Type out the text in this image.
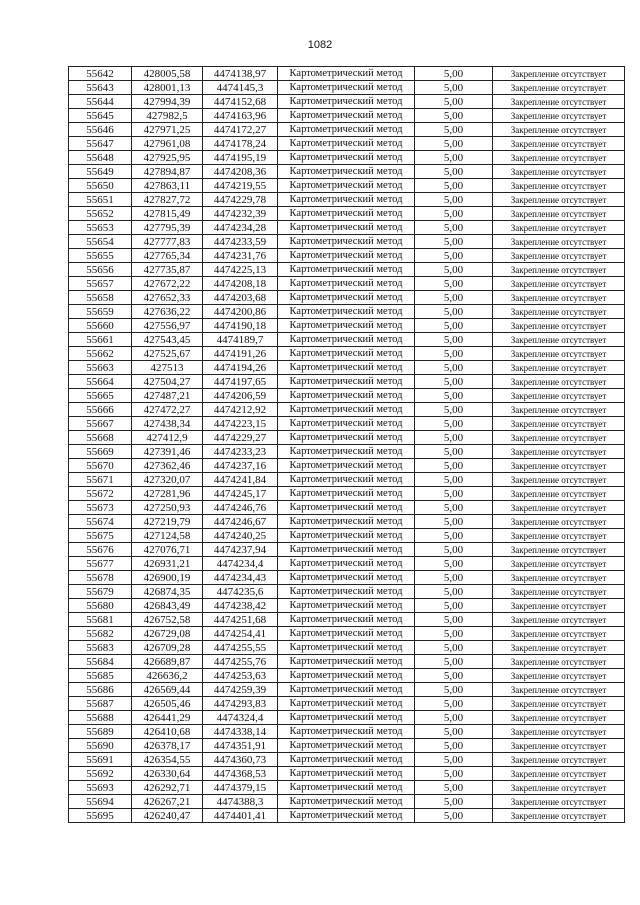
1082
55642	428005,58	4474138,97	Картометрический метод	5,00	Закрепление отсутствует
55643	428001,13	4474145,3	Картометрический метод	5,00	Закрепление отсутствует
55644	427994,39	4474152,68	Картометрический метод	5,00	Закрепление отсутствует
55645	427982,5	4474163,96	Картометрический метод	5,00	Закрепление отсутствует
55646	427971,25	4474172,27	Картометрический метод	5,00	Закрепление отсутствует
55647	427961,08	4474178,24	Картометрический метод	5,00	Закрепление отсутствует
55648	427925,95	4474195,19	Картометрический метод	5,00	Закрепление отсутствует
55649	427894,87	4474208,36	Картометрический метод	5,00	Закрепление отсутствует
55650	427863,11	4474219,55	Картометрический метод	5,00	Закрепление отсутствует
55651	427827,72	4474229,78	Картометрический метод	5,00	Закрепление отсутствует
55652	427815,49	4474232,39	Картометрический метод	5,00	Закрепление отсутствует
55653	427795,39	4474234,28	Картометрический метод	5,00	Закрепление отсутствует
55654	427777,83	4474233,59	Картометрический метод	5,00	Закрепление отсутствует
55655	427765,34	4474231,76	Картометрический метод	5,00	Закрепление отсутствует
55656	427735,87	4474225,13	Картометрический метод	5,00	Закрепление отсутствует
55657	427672,22	4474208,18	Картометрический метод	5,00	Закрепление отсутствует
55658	427652,33	4474203,68	Картометрический метод	5,00	Закрепление отсутствует
55659	427636,22	4474200,86	Картометрический метод	5,00	Закрепление отсутствует
55660	427556,97	4474190,18	Картометрический метод	5,00	Закрепление отсутствует
55661	427543,45	4474189,7	Картометрический метод	5,00	Закрепление отсутствует
55662	427525,67	4474191,26	Картометрический метод	5,00	Закрепление отсутствует
55663	427513	4474194,26	Картометрический метод	5,00	Закрепление отсутствует
55664	427504,27	4474197,65	Картометрический метод	5,00	Закрепление отсутствует
55665	427487,21	4474206,59	Картометрический метод	5,00	Закрепление отсутствует
55666	427472,27	4474212,92	Картометрический метод	5,00	Закрепление отсутствует
55667	427438,34	4474223,15	Картометрический метод	5,00	Закрепление отсутствует
55668	427412,9	4474229,27	Картометрический метод	5,00	Закрепление отсутствует
55669	427391,46	4474233,23	Картометрический метод	5,00	Закрепление отсутствует
55670	427362,46	4474237,16	Картометрический метод	5,00	Закрепление отсутствует
55671	427320,07	4474241,84	Картометрический метод	5,00	Закрепление отсутствует
55672	427281,96	4474245,17	Картометрический метод	5,00	Закрепление отсутствует
55673	427250,93	4474246,76	Картометрический метод	5,00	Закрепление отсутствует
55674	427219,79	4474246,67	Картометрический метод	5,00	Закрепление отсутствует
55675	427124,58	4474240,25	Картометрический метод	5,00	Закрепление отсутствует
55676	427076,71	4474237,94	Картометрический метод	5,00	Закрепление отсутствует
55677	426931,21	4474234,4	Картометрический метод	5,00	Закрепление отсутствует
55678	426900,19	4474234,43	Картометрический метод	5,00	Закрепление отсутствует
55679	426874,35	4474235,6	Картометрический метод	5,00	Закрепление отсутствует
55680	426843,49	4474238,42	Картометрический метод	5,00	Закрепление отсутствует
55681	426752,58	4474251,68	Картометрический метод	5,00	Закрепление отсутствует
55682	426729,08	4474254,41	Картометрический метод	5,00	Закрепление отсутствует
55683	426709,28	4474255,55	Картометрический метод	5,00	Закрепление отсутствует
55684	426689,87	4474255,76	Картометрический метод	5,00	Закрепление отсутствует
55685	426636,2	4474253,63	Картометрический метод	5,00	Закрепление отсутствует
55686	426569,44	4474259,39	Картометрический метод	5,00	Закрепление отсутствует
55687	426505,46	4474293,83	Картометрический метод	5,00	Закрепление отсутствует
55688	426441,29	4474324,4	Картометрический метод	5,00	Закрепление отсутствует
55689	426410,68	4474338,14	Картометрический метод	5,00	Закрепление отсутствует
55690	426378,17	4474351,91	Картометрический метод	5,00	Закрепление отсутствует
55691	426354,55	4474360,73	Картометрический метод	5,00	Закрепление отсутствует
55692	426330,64	4474368,53	Картометрический метод	5,00	Закрепление отсутствует
55693	426292,71	4474379,15	Картометрический метод	5,00	Закрепление отсутствует
55694	426267,21	4474388,3	Картометрический метод	5,00	Закрепление отсутствует
55695	426240,47	4474401,41	Картометрический метод	5,00	Закрепление отсутствует
